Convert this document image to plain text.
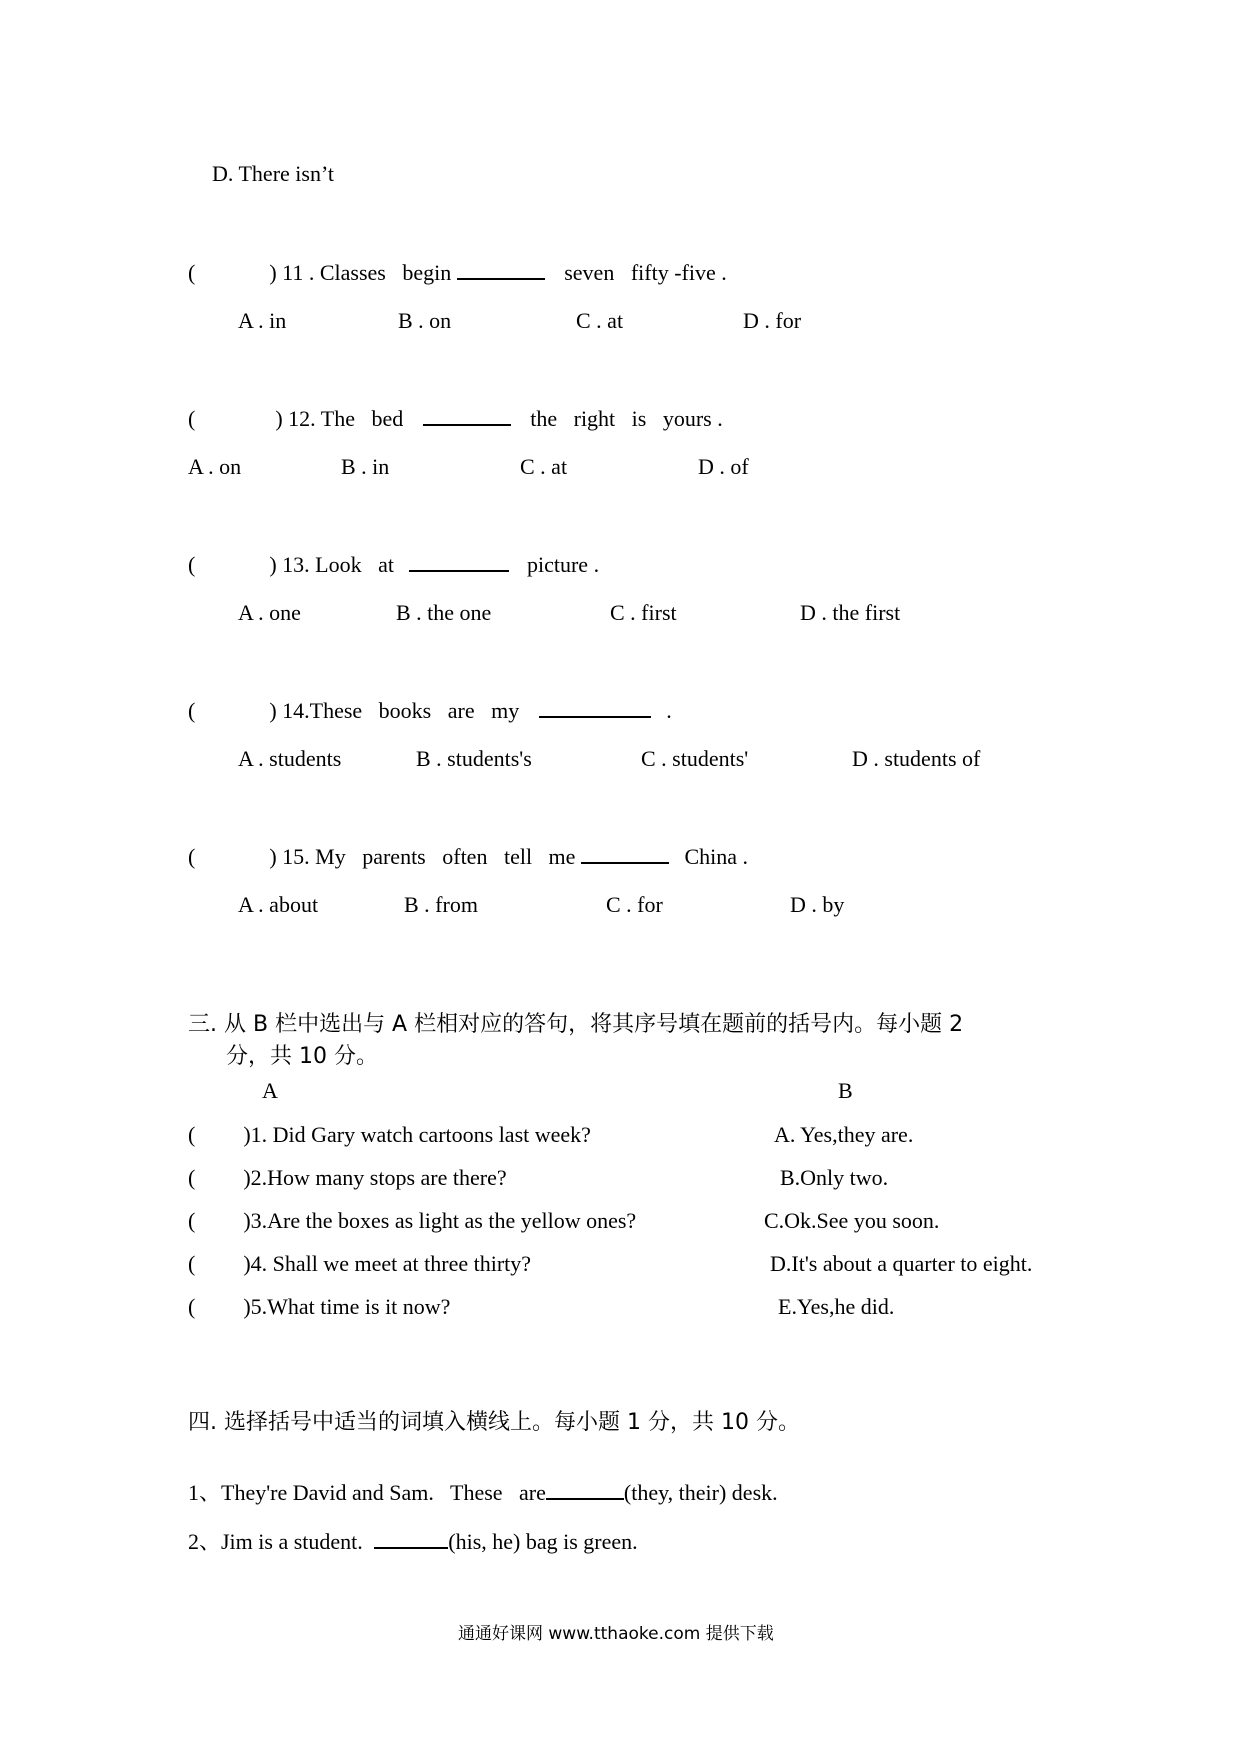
D. There isn’t
(	) 11 . Classes   begin	seven   fifty -five .
A . in	B . on	C . at	D . for
(	) 12. The   bed	the   right   is   yours .
A . on	B . in	C . at	D . of
(	) 13. Look   at	picture .
A . one	B . the one	C . first	D . the first
(	) 14.These   books   are   my	.
A . students	B . students's	C . students'	D . students of
(	) 15. My   parents   often   tell   me	China .
A . about	B . from	C . for	D . by
三. 从 B 栏中选出与 A 栏相对应的答句，将其序号填在题前的括号内。每小题 2
分，共 10 分。
A	B
( )1. Did Gary watch cartoons last week?	A. Yes,they are.
( )2.How many stops are there?	B.Only two.
( )3.Are the boxes as light as the yellow ones?	C.Ok.See you soon.
( )4. Shall we meet at three thirty?	D.It's about a quarter to eight.
( )5.What time is it now?	E.Yes,he did.
四. 选择括号中适当的词填入横线上。每小题 1 分，共 10 分。
1、They're David and Sam.   These   are	(they, their) desk.
2、Jim is a student.	(his, he) bag is green.
通通好课网 www.tthaoke.com 提供下载
